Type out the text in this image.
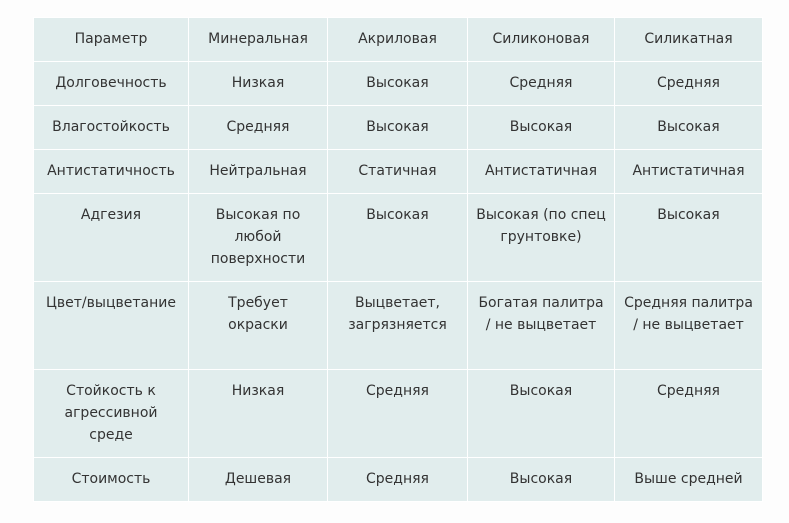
Параметр	Минеральная	Акриловая	Силиконовая	Силикатная
Долговечность	Низкая	Высокая	Средняя	Средняя
Влагостойкость	Средняя	Высокая	Высокая	Высокая
Антистатичность	Нейтральная	Статичная	Антистатичная	Антистатичная
Адгезия	Высокая по любой поверхности	Высокая	Высокая (по спец грунтовке)	Высокая
Цвет/выцветание	Требует окраски	Выцветает, загрязняется	Богатая палитра / не выцветает	Средняя палитра / не выцветает
Стойкость к агрессивной среде	Низкая	Средняя	Высокая	Средняя
Стоимость	Дешевая	Средняя	Высокая	Выше средней
